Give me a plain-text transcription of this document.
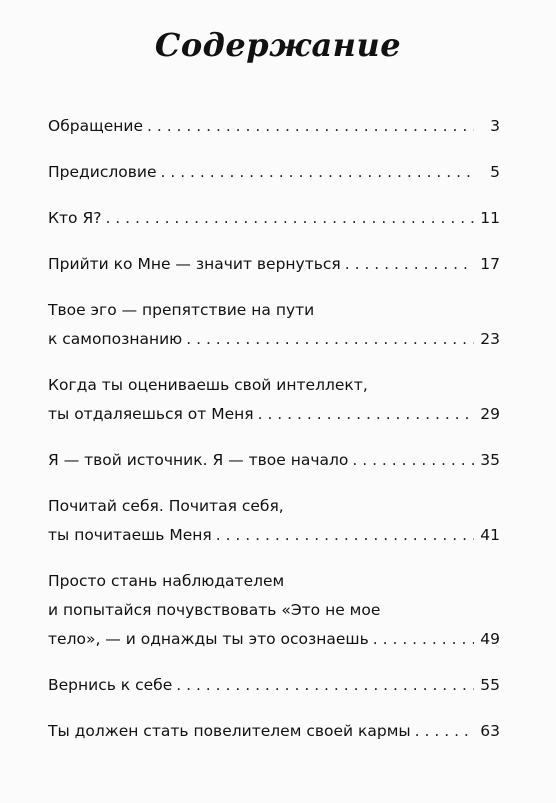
Содержание
Обращение . . .	3
Предисловие . . .	5
Кто Я? . . .	11
Прийти ко Мне — значит вернуться . . .	17
Твое эго — препятствие на пути
к самопознанию . . .	23
Когда ты оцениваешь свой интеллект,
ты отдаляешься от Меня . . .	29
Я — твой источник. Я — твое начало . . .	35
Почитай себя. Почитая себя,
ты почитаешь Меня . . .	41
Просто стань наблюдателем
и попытайся почувствовать «Это не мое
тело», — и однажды ты это осознаешь . . .	49
Вернись к себе . . .	55
Ты должен стать повелителем своей кармы . . .	63
